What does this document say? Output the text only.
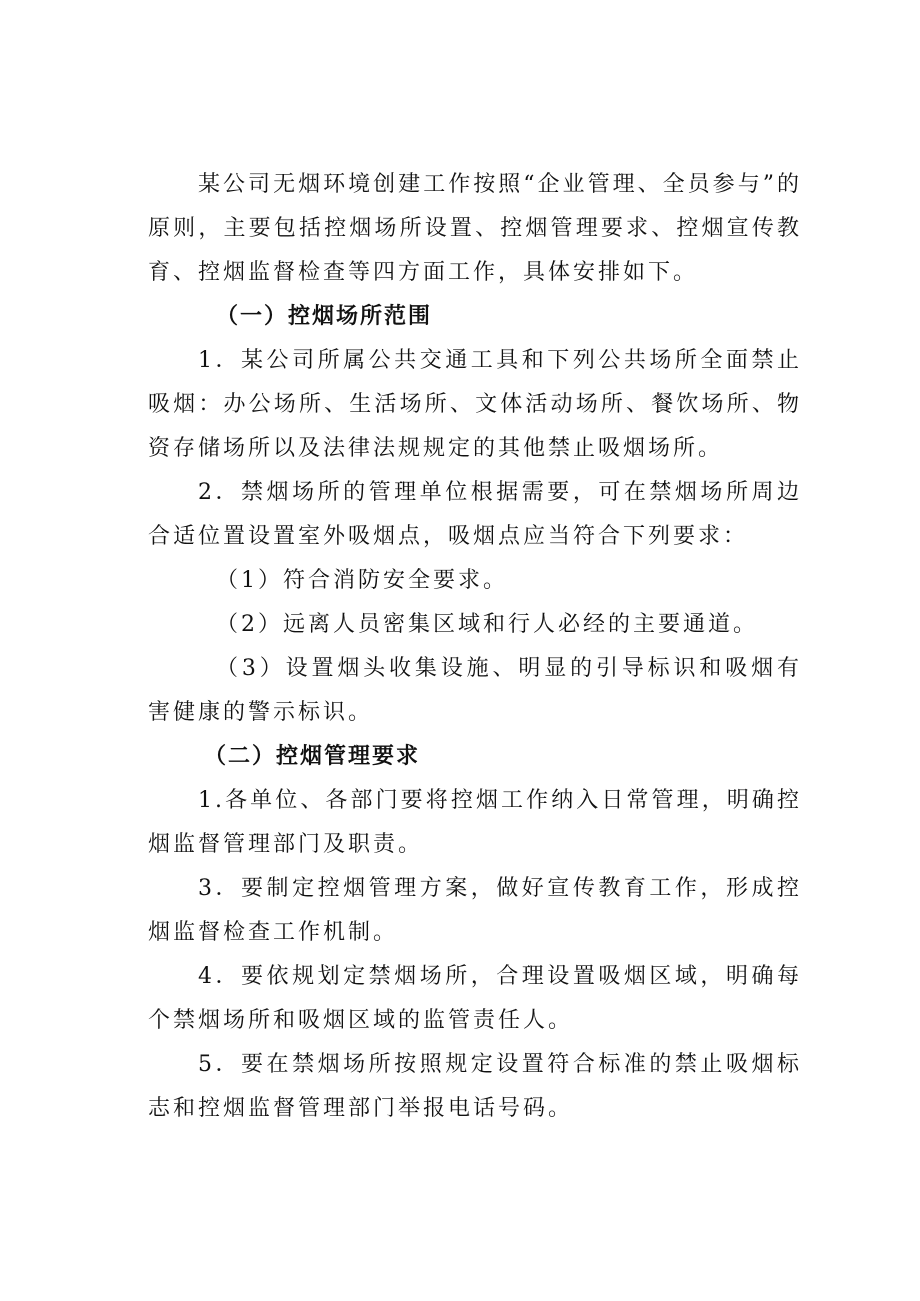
某公司无烟环境创建工作按照“企业管理、全员参与”的原则，主要包括控烟场所设置、控烟管理要求、控烟宣传教育、控烟监督检查等四方面工作，具体安排如下。

（一）控烟场所范围

1．某公司所属公共交通工具和下列公共场所全面禁止吸烟：办公场所、生活场所、文体活动场所、餐饮场所、物资存储场所以及法律法规规定的其他禁止吸烟场所。

2．禁烟场所的管理单位根据需要，可在禁烟场所周边合适位置设置室外吸烟点，吸烟点应当符合下列要求：

（1）符合消防安全要求。

（2）远离人员密集区域和行人必经的主要通道。

（3）设置烟头收集设施、明显的引导标识和吸烟有害健康的警示标识。

（二）控烟管理要求

1.各单位、各部门要将控烟工作纳入日常管理，明确控烟监督管理部门及职责。

3．要制定控烟管理方案，做好宣传教育工作，形成控烟监督检查工作机制。

4．要依规划定禁烟场所，合理设置吸烟区域，明确每个禁烟场所和吸烟区域的监管责任人。

5．要在禁烟场所按照规定设置符合标准的禁止吸烟标志和控烟监督管理部门举报电话号码。
